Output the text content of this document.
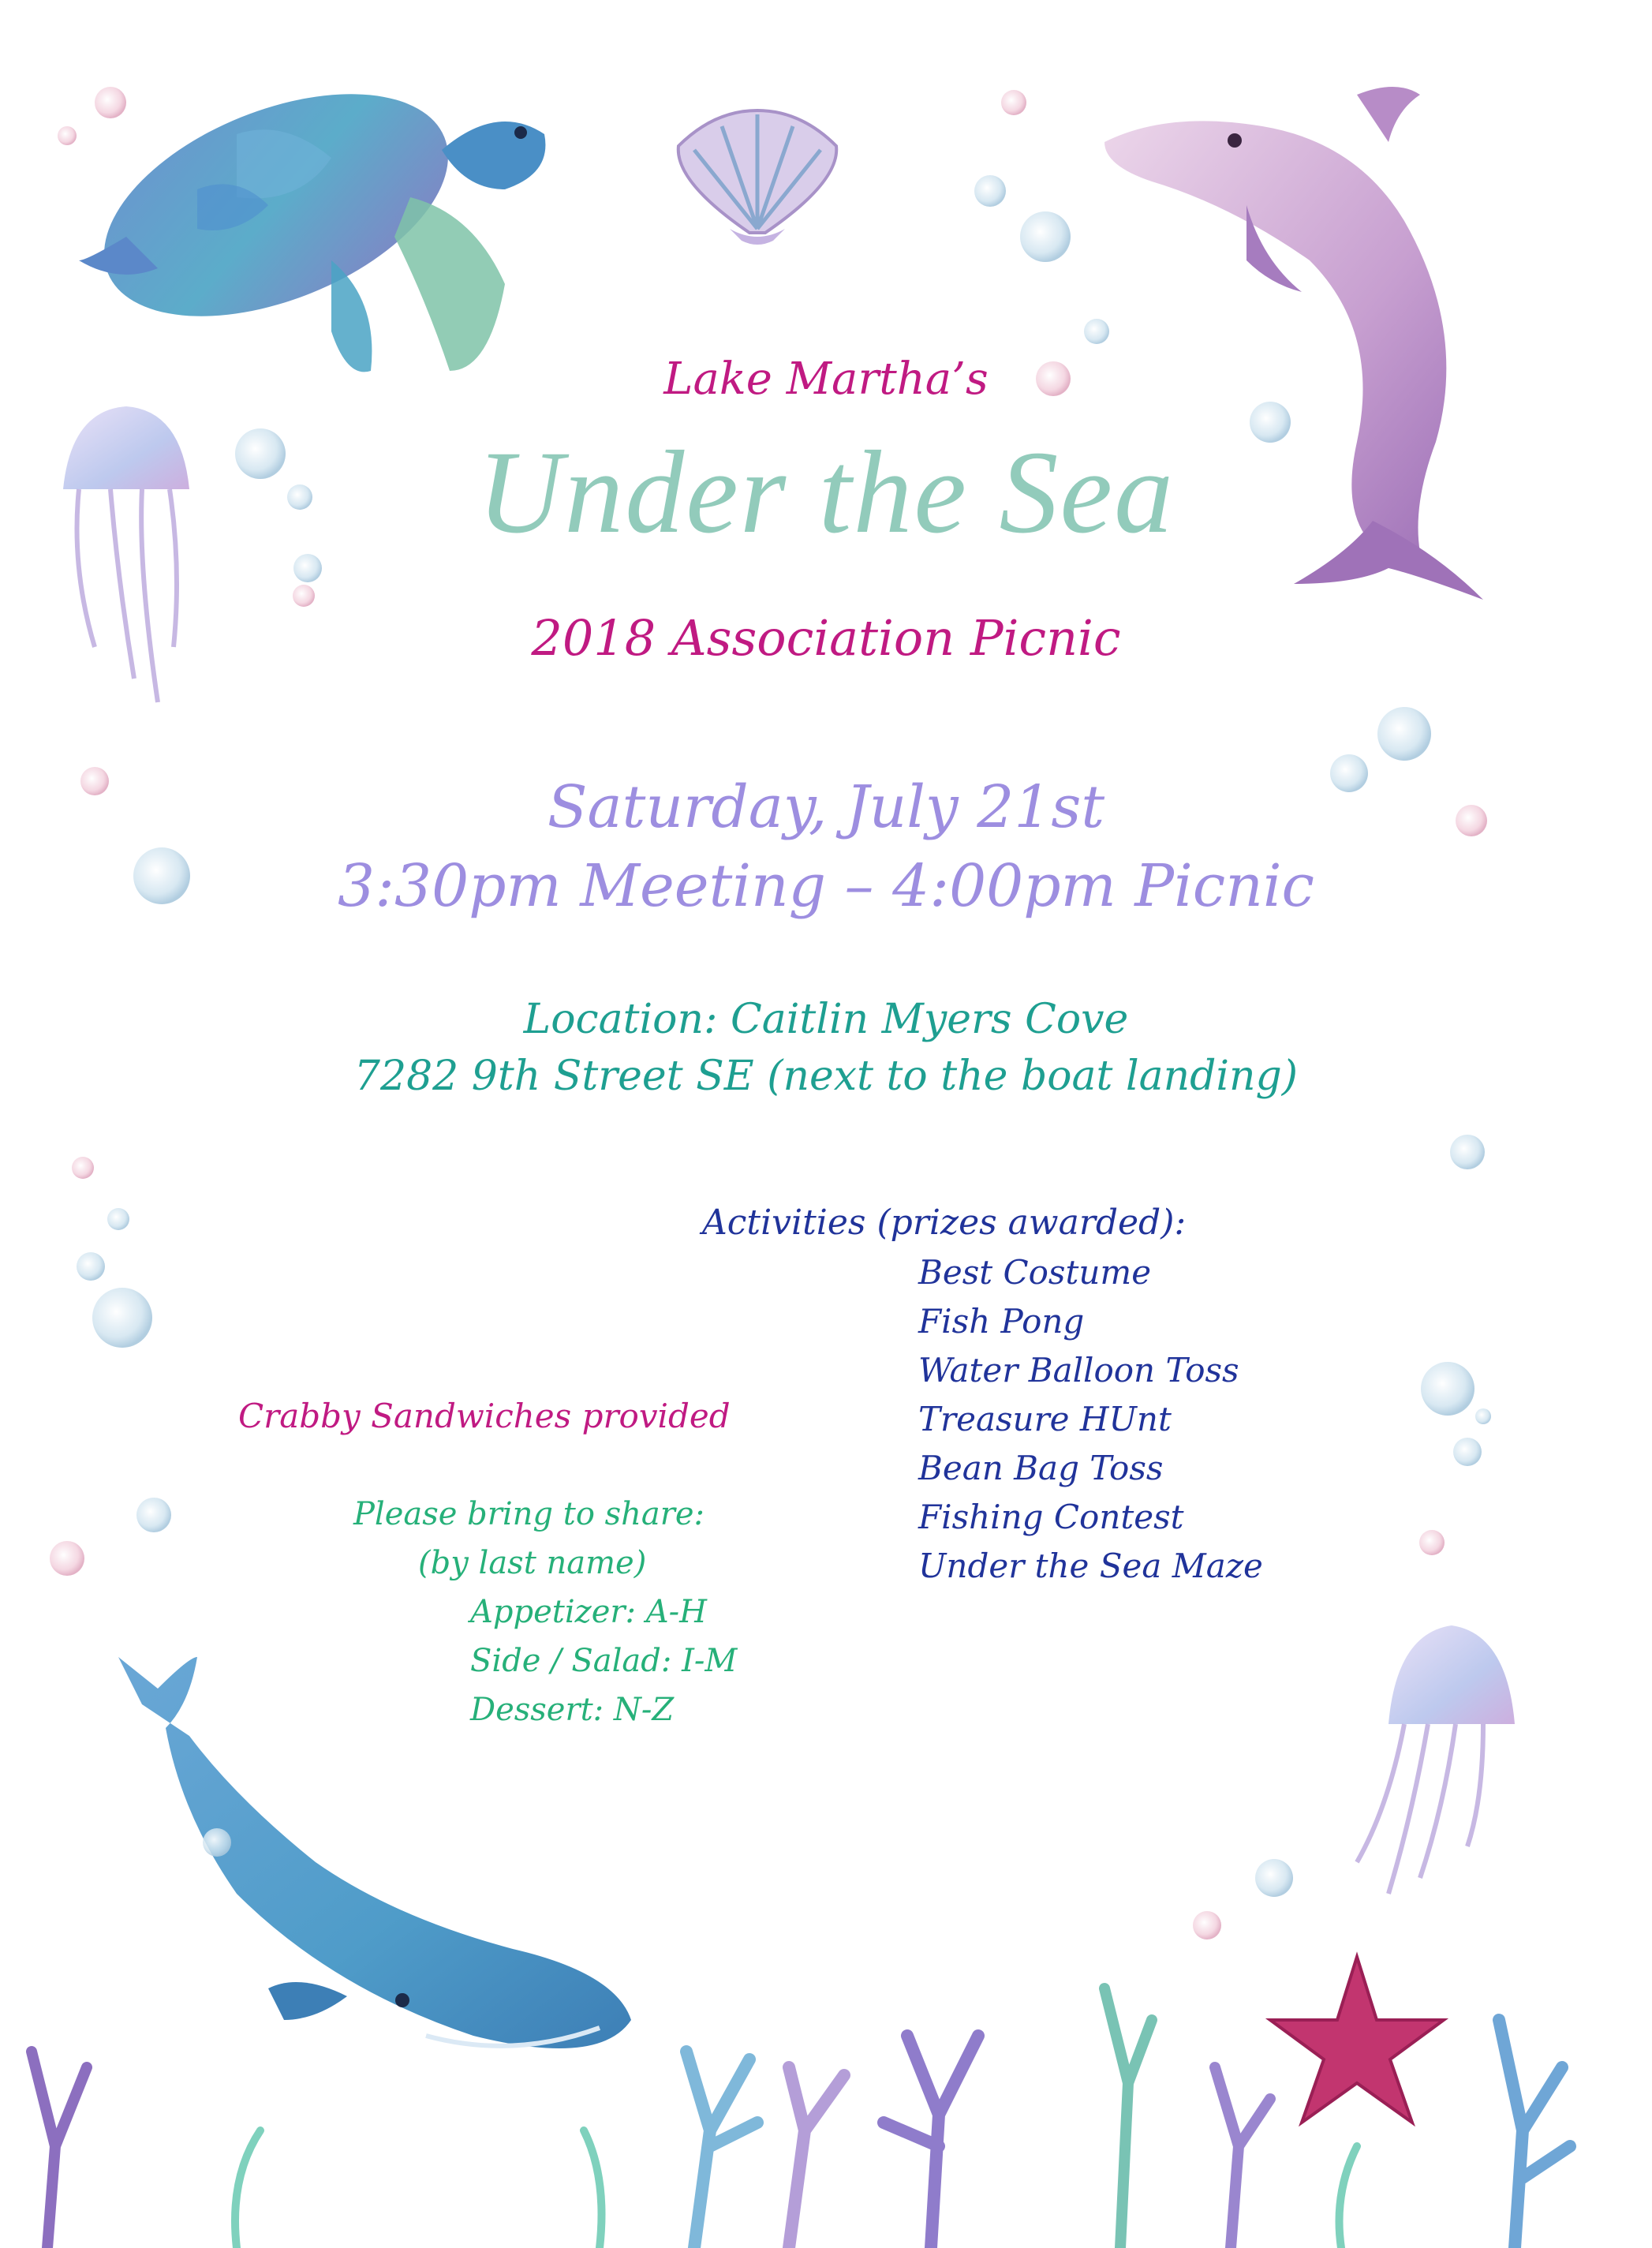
Lake Martha’s
Under the Sea
2018 Association Picnic
Saturday, July 21st
3:30pm Meeting – 4:00pm Picnic
Location: Caitlin Myers Cove
7282 9th Street SE (next to the boat landing)
Activities (prizes awarded):
Best Costume
Fish Pong
Water Balloon Toss
Treasure HUnt
Bean Bag Toss
Fishing Contest
Under the Sea Maze
Crabby Sandwiches provided
Please bring to share:
(by last name)
Appetizer: A-H
Side / Salad: I-M
Dessert: N-Z
